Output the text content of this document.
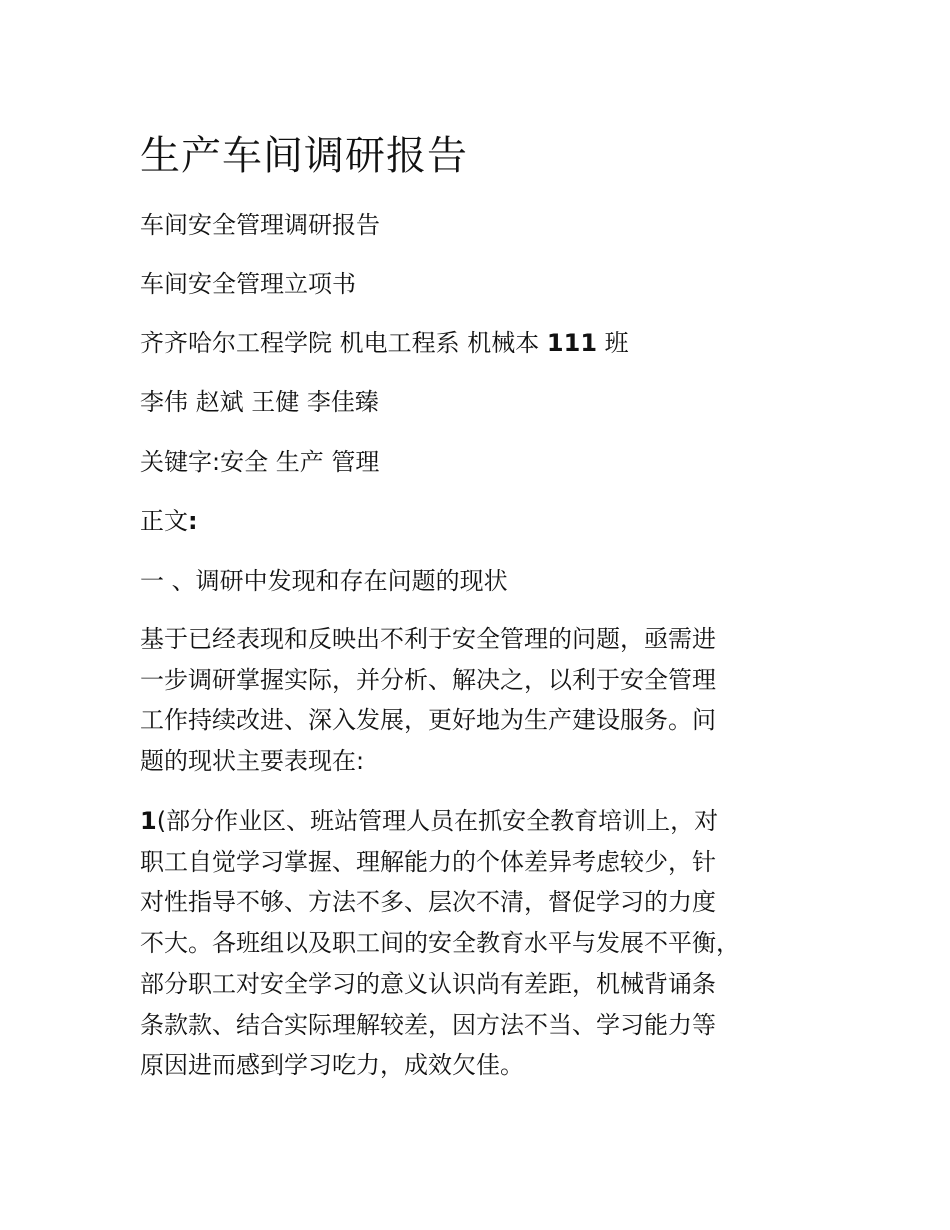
生产车间调研报告

车间安全管理调研报告

车间安全管理立项书

齐齐哈尔工程学院 机电工程系 机械本 111 班

李伟 赵斌 王健 李佳臻

关键字:安全 生产 管理

正文:

一 、调研中发现和存在问题的现状

基于已经表现和反映出不利于安全管理的问题，亟需进
一步调研掌握实际，并分析、解决之，以利于安全管理
工作持续改进、深入发展，更好地为生产建设服务。问
题的现状主要表现在:
1(部分作业区、班站管理人员在抓安全教育培训上，对
职工自觉学习掌握、理解能力的个体差异考虑较少，针
对性指导不够、方法不多、层次不清，督促学习的力度
不大。各班组以及职工间的安全教育水平与发展不平衡，
部分职工对安全学习的意义认识尚有差距，机械背诵条
条款款、结合实际理解较差，因方法不当、学习能力等
原因进而感到学习吃力，成效欠佳。
